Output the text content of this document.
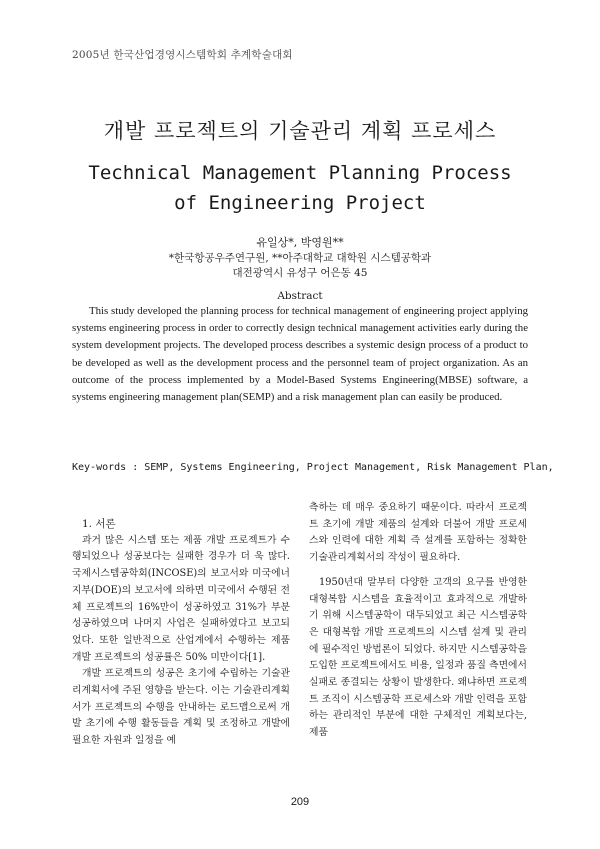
2005년 한국산업경영시스템학회 추계학술대회
개발 프로젝트의 기술관리 계획 프로세스
Technical Management Planning Process
of Engineering Project
유일상*, 박영원**
*한국항공우주연구원, **아주대학교 대학원 시스템공학과
대전광역시 유성구 어은동 45
Abstract
This study developed the planning process for technical management of engineering project applying systems engineering process in order to correctly design technical management activities early during the system development projects. The developed process describes a systemic design process of a product to be developed as well as the development process and the personnel team of project organization. As an outcome of the process implemented by a Model-Based Systems Engineering(MBSE) software, a systems engineering management plan(SEMP) and a risk management plan can easily be produced.
Key-words : SEMP, Systems Engineering, Project Management, Risk Management Plan,

1. 서론

과거 많은 시스템 또는 제품 개발 프로젝트가 수행되었으나 성공보다는 실패한 경우가 더 욱 많다. 국제시스템공학회(INCOSE)의 보고서와 미국에너지부(DOE)의 보고서에 의하면 미국에서 수행된 전체 프로젝트의 16%만이 성공하였고 31%가 부분 성공하였으며 나머지 사업은 실패하였다고 보고되었다. 또한 일반적으로 산업계에서 수행하는 제품 개발 프로젝트의 성공률은 50% 미만이다[1].

개발 프로젝트의 성공은 초기에 수립하는 기술관리계획서에 주된 영향을 받는다. 이는 기술관리계획서가 프로젝트의 수행을 안내하는 로드맵으로써 개발 초기에 수행 활동들을 계획 및 조정하고 개발에 필요한 자원과 일정을 예

측하는 데 매우 중요하기 때문이다. 따라서 프로젝트 초기에 개발 제품의 설계와 더불어 개발 프로세스와 인력에 대한 계획 즉 설계를 포함하는 정확한 기술관리계획서의 작성이 필요하다.

1950년대 말부터 다양한 고객의 요구를 반영한 대형복합 시스템을 효율적이고 효과적으로 개발하기 위해 시스템공학이 대두되었고 최근 시스템공학은 대형복합 개발 프로젝트의 시스템 설계 및 관리에 필수적인 방법론이 되었다. 하지만 시스템공학을 도입한 프로젝트에서도 비용, 일정과 품질 측면에서 실패로 종결되는 상황이 발생한다. 왜냐하면 프로젝트 조직이 시스템공학 프로세스와 개발 인력을 포함하는 관리적인 부분에 대한 구체적인 계획보다는, 제품

209
